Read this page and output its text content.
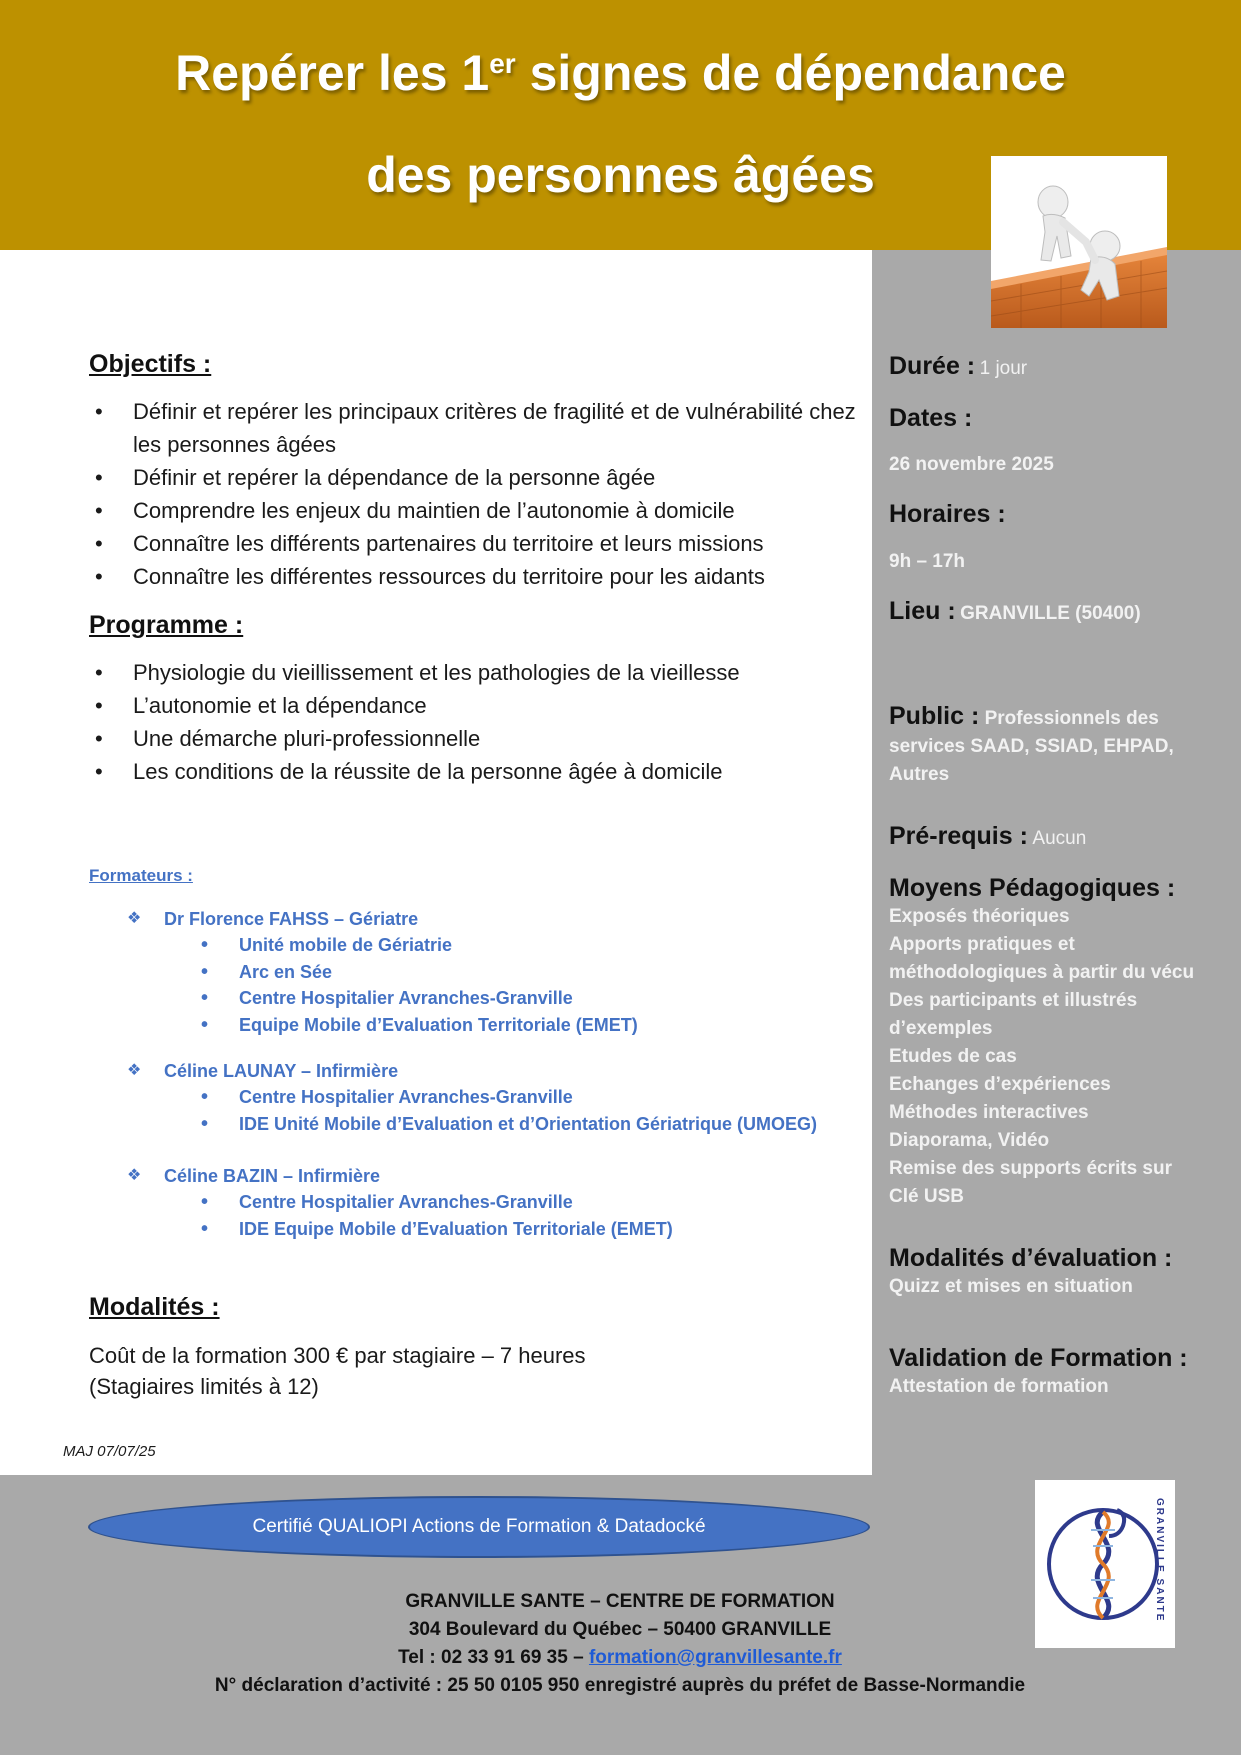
Repérer les 1er signes de dépendance
des personnes âgées
Objectifs :
• Définir et repérer les principaux critères de fragilité et de vulnérabilité chez les personnes âgées
• Définir et repérer la dépendance de la personne âgée
• Comprendre les enjeux du maintien de l’autonomie à domicile
• Connaître les différents partenaires du territoire et leurs missions
• Connaître les différentes ressources du territoire pour les aidants
Programme :
• Physiologie du vieillissement et les pathologies de la vieillesse
• L’autonomie et la dépendance
• Une démarche pluri-professionnelle
• Les conditions de la réussite de la personne âgée à domicile
Formateurs :
❖ Dr Florence FAHSS – Gériatre
• Unité mobile de Gériatrie
• Arc en Sée
• Centre Hospitalier Avranches-Granville
• Equipe Mobile d’Evaluation Territoriale (EMET)
❖ Céline LAUNAY – Infirmière
• Centre Hospitalier Avranches-Granville
• IDE Unité Mobile d’Evaluation et d’Orientation Gériatrique (UMOEG)
❖ Céline BAZIN – Infirmière
• Centre Hospitalier Avranches-Granville
• IDE Equipe Mobile d’Evaluation Territoriale (EMET)
Modalités :

Coût de la formation 300 € par stagiaire – 7 heures
(Stagiaires limités à 12)

MAJ 07/07/25
Durée : 1 jour
Dates :
26 novembre 2025
Horaires :
9h – 17h
Lieu : GRANVILLE (50400)
Public : Professionnels des
services SAAD, SSIAD, EHPAD,
Autres
Pré-requis : Aucun
Moyens Pédagogiques :
Exposés théoriques
Apports pratiques et
méthodologiques à partir du vécu
Des participants et illustrés
d’exemples
Etudes de cas
Echanges d’expériences
Méthodes interactives
Diaporama, Vidéo
Remise des supports écrits sur
Clé USB
Modalités d’évaluation :
Quizz et mises en situation
Validation de Formation :
Attestation de formation
Certifié QUALIOPI Actions de Formation & Datadocké
GRANVILLE SANTE – CENTRE DE FORMATION
304 Boulevard du Québec – 50400 GRANVILLE
Tel : 02 33 91 69 35 – formation@granvillesante.fr
N° déclaration d’activité : 25 50 0105 950 enregistré auprès du préfet de Basse-Normandie
GRANVILLE SANTE
